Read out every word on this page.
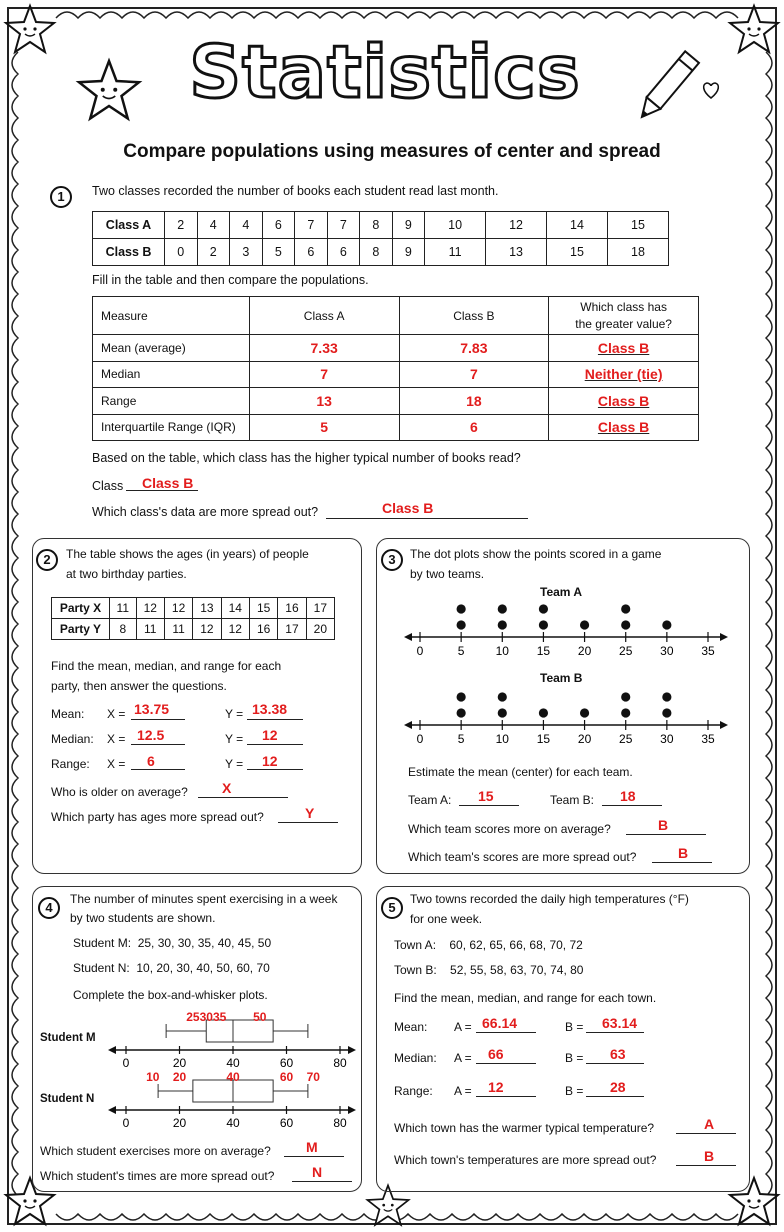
Statistics
Compare populations using measures of center and spread
1	Two classes recorded the number of books each student read last month.
Class A	2	4	4	6	7	7	8	9	10	12	14	15
Class B	0	2	3	5	6	6	8	9	11	13	15	18
Fill in the table and then compare the populations.
Measure	Class A	Class B	Which class has
the greater value?
Mean (average)	7.33	7.83	Class B
Median	7	7	Neither (tie)
Range	13	18	Class B
Interquartile Range (IQR)	5	6	Class B
Based on the table, which class has the higher typical number of books read?
Class Class B
Which class's data are more spread out?	Class B
2	The table shows the ages (in years) of people
at two birthday parties.
Party X	11	12	12	13	14	15	16	17
Party Y	8	11	11	12	12	16	17	20
Find the mean, median, and range for each
party, then answer the questions.
Mean: X = 13.75	Y = 13.38
Median: X = 12.5	Y = 12
Range: X = 6	Y = 12
Who is older on average? X
Which party has ages more spread out?	Y
3	The dot plots show the points scored in a game
by two teams.
Team A
Team B
0	5	10 15 20 25 30 35
0	5	10 15 20 25 30 35
Estimate the mean (center) for each team.
Team A: 15	Team B: 18
Which team scores more on average?	B
Which team's scores are more spread out?	B
4
The number of minutes spent exercising in a week
by two students are shown.
Student M:  25, 30, 30, 35, 40, 45, 50
Student N:  10, 20, 30, 40, 50, 60, 70
Complete the box-and-whisker plots.
Student M
Student N
25 30 35 50
0	20	40	60	80
10 20	40	60 70
0	20	40	60	80
Which student exercises more on average?	M
Which student's times are more spread out?	N
5
Two towns recorded the daily high temperatures (°F)
for one week.
Town A:    60, 62, 65, 66, 68, 70, 72
Town B:    52, 55, 58, 63, 70, 74, 80
Find the mean, median, and range for each town.
Mean: A = 66.14	B = 63.14
Median: A = 66	B = 63
Range: A = 12	B = 28
Which town has the warmer typical temperature?	A
Which town's temperatures are more spread out?	B
